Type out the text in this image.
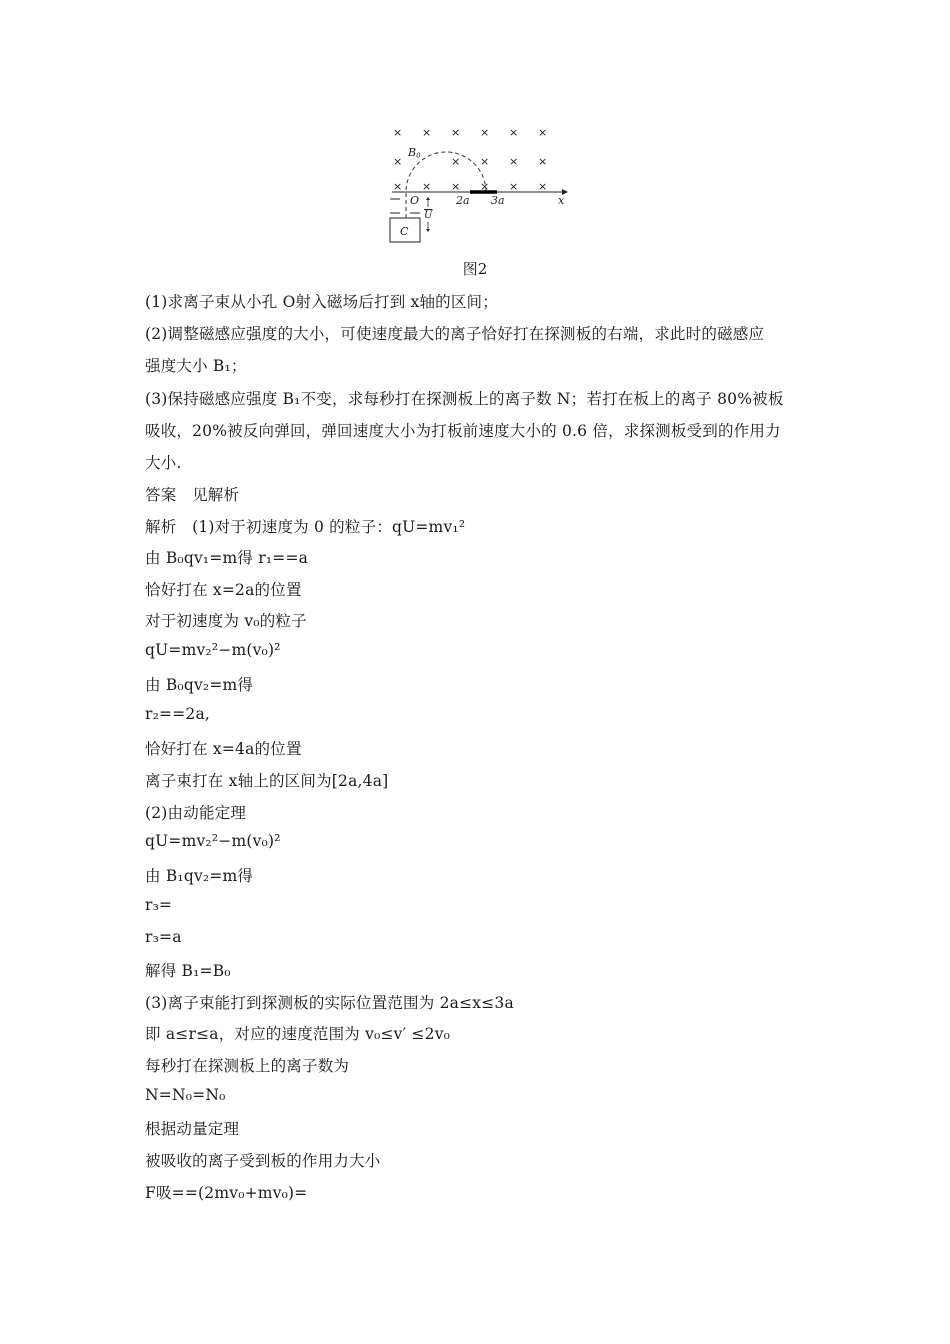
× × × × × ×
×	× × × ×
× × × × × ×
B0
2a 3a	x
O
U
C
图2
(1)求离子束从小孔 O射入磁场后打到 x轴的区间；
(2)调整磁感应强度的大小，可使速度最大的离子恰好打在探测板的右端，求此时的磁感应
强度大小 B₁；
(3)保持磁感应强度 B₁不变，求每秒打在探测板上的离子数 N；若打在板上的离子 80%被板
吸收，20%被反向弹回，弹回速度大小为打板前速度大小的 0.6 倍，求探测板受到的作用力
大小.
答案　见解析
解析　(1)对于初速度为 0 的粒子：qU=mv₁²
由 B₀qv₁=m得 r₁==a
恰好打在 x=2a的位置
对于初速度为 v₀的粒子
qU=mv₂²−m(v₀)²
由 B₀qv₂=m得
r₂==2a,
恰好打在 x=4a的位置
离子束打在 x轴上的区间为[2a,4a]
(2)由动能定理
qU=mv₂²−m(v₀)²
由 B₁qv₂=m得
r₃=
r₃=a
解得 B₁=B₀
(3)离子束能打到探测板的实际位置范围为 2a≤x≤3a
即 a≤r≤a，对应的速度范围为 v₀≤v′ ≤2v₀
每秒打在探测板上的离子数为
N=N₀=N₀
根据动量定理
被吸收的离子受到板的作用力大小
F吸==(2mv₀+mv₀)=
